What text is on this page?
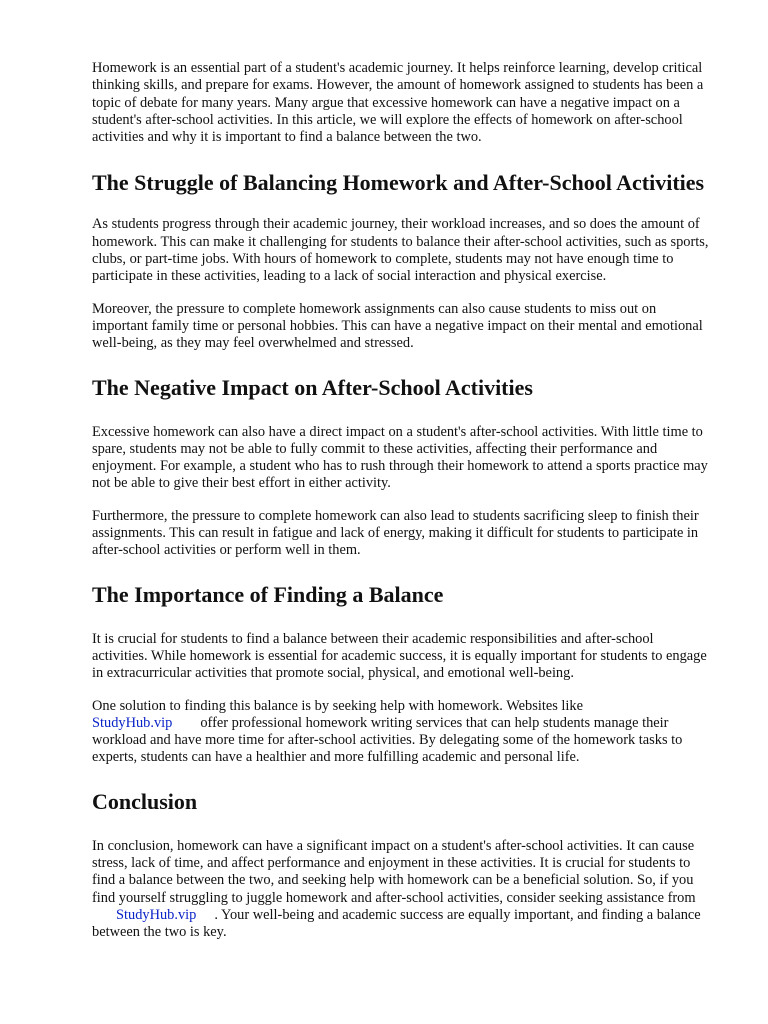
Homework is an essential part of a student's academic journey. It helps reinforce learning, develop critical thinking skills, and prepare for exams. However, the amount of homework assigned to students has been a topic of debate for many years. Many argue that excessive homework can have a negative impact on a student's after-school activities. In this article, we will explore the effects of homework on after-school activities and why it is important to find a balance between the two.

The Struggle of Balancing Homework and After-School Activities

As students progress through their academic journey, their workload increases, and so does the amount of homework. This can make it challenging for students to balance their after-school activities, such as sports, clubs, or part-time jobs. With hours of homework to complete, students may not have enough time to participate in these activities, leading to a lack of social interaction and physical exercise.

Moreover, the pressure to complete homework assignments can also cause students to miss out on important family time or personal hobbies. This can have a negative impact on their mental and emotional well-being, as they may feel overwhelmed and stressed.

The Negative Impact on After-School Activities

Excessive homework can also have a direct impact on a student's after-school activities. With little time to spare, students may not be able to fully commit to these activities, affecting their performance and enjoyment. For example, a student who has to rush through their homework to attend a sports practice may not be able to give their best effort in either activity.

Furthermore, the pressure to complete homework can also lead to students sacrificing sleep to finish their assignments. This can result in fatigue and lack of energy, making it difficult for students to participate in after-school activities or perform well in them.

The Importance of Finding a Balance

It is crucial for students to find a balance between their academic responsibilities and after-school activities. While homework is essential for academic success, it is equally important for students to engage in extracurricular activities that promote social, physical, and emotional well-being.

One solution to finding this balance is by seeking help with homework. Websites like
StudyHub.vip offer professional homework writing services that can help students manage their workload and have more time for after-school activities. By delegating some of the homework tasks to experts, students can have a healthier and more fulfilling academic and personal life.

Conclusion

In conclusion, homework can have a significant impact on a student's after-school activities. It can cause stress, lack of time, and affect performance and enjoyment in these activities. It is crucial for students to find a balance between the two, and seeking help with homework can be a beneficial solution. So, if you find yourself struggling to juggle homework and after-school activities, consider seeking assistance fromStudyHub.vip . Your well-being and academic success are equally important, and finding a balance between the two is key.
